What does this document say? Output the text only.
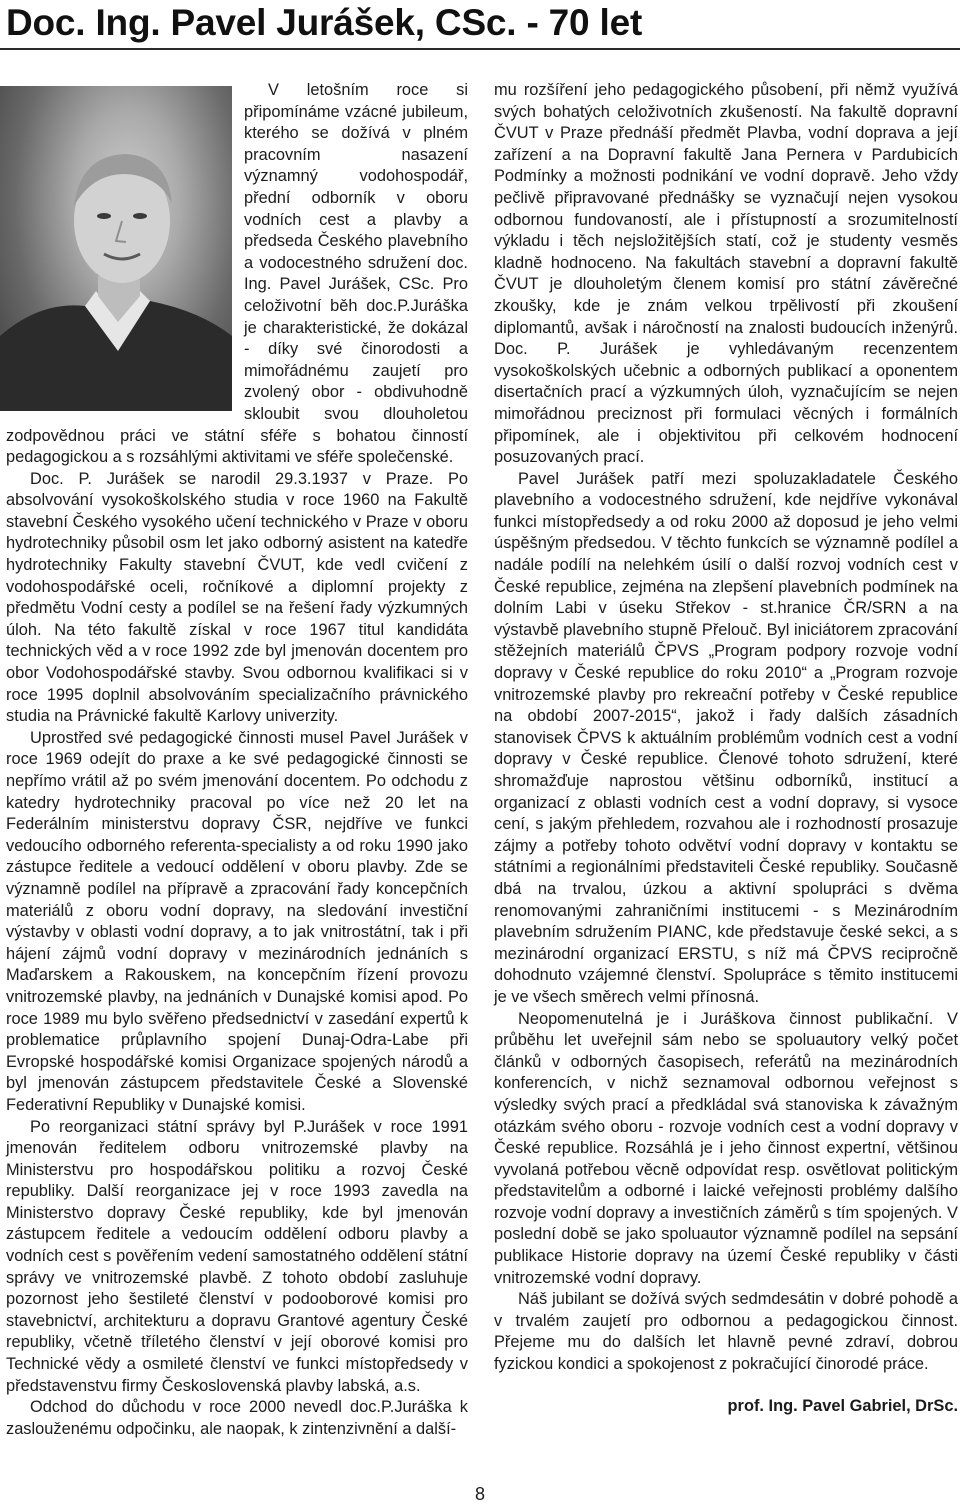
Doc. Ing. Pavel Jurášek, CSc. - 70 let

V letošním roce si připomínáme vzácné jubileum, kterého se dožívá v plném pracovním nasazení významný vodohospodář, přední odborník v oboru vodních cest a plavby a předseda Českého plavebního a vodocestného sdružení doc. Ing. Pavel Jurášek, CSc. Pro celoživotní běh doc.P.Juráška je charakteristické, že dokázal - díky své činorodosti a mimořádnému zaujetí pro zvolený obor - obdivuhodně skloubit svou dlouholetou zodpovědnou práci ve státní sféře s bohatou činností pedagogickou a s rozsáhlými aktivitami ve sféře společenské.

Doc. P. Jurášek se narodil 29.3.1937 v Praze. Po absolvování vysokoškolského studia v roce 1960 na Fakultě stavební Českého vysokého učení technického v Praze v oboru hydrotechniky působil osm let jako odborný asistent na katedře hydrotechniky Fakulty stavební ČVUT, kde vedl cvičení z vodohospodářské oceli, ročníkové a diplomní projekty z předmětu Vodní cesty a podílel se na řešení řady výzkumných úloh. Na této fakultě získal v roce 1967 titul kandidáta technických věd a v roce 1992 zde byl jmenován docentem pro obor Vodohospodářské stavby. Svou odbornou kvalifikaci si v roce 1995 doplnil absolvováním specializačního právnického studia na Právnické fakultě Karlovy univerzity.

Uprostřed své pedagogické činnosti musel Pavel Jurášek v roce 1969 odejít do praxe a ke své pedagogické činnosti se nepřímo vrátil až po svém jmenování docentem. Po odchodu z katedry hydrotechniky pracoval po více než 20 let na Federálním ministerstvu dopravy ČSR, nejdříve ve funkci vedoucího odborného referenta-specialisty a od roku 1990 jako zástupce ředitele a vedoucí oddělení v oboru plavby. Zde se významně podílel na přípravě a zpracování řady koncepčních materiálů z oboru vodní dopravy, na sledování investiční výstavby v oblasti vodní dopravy, a to jak vnitrostátní, tak i při hájení zájmů vodní dopravy v mezinárodních jednáních s Maďarskem a Rakouskem, na koncepčním řízení provozu vnitrozemské plavby, na jednáních v Dunajské komisi apod. Po roce 1989 mu bylo svěřeno předsednictví v zasedání expertů k problematice průplavního spojení Dunaj-Odra-Labe při Evropské hospodářské komisi Organizace spojených národů a byl jmenován zástupcem představitele České a Slovenské Federativní Republiky v Dunajské komisi.

Po reorganizaci státní správy byl P.Jurášek v roce 1991 jmenován ředitelem odboru vnitrozemské plavby na Ministerstvu pro hospodářskou politiku a rozvoj České republiky. Další reorganizace jej v roce 1993 zavedla na Ministerstvo dopravy České republiky, kde byl jmenován zástupcem ředitele a vedoucím oddělení odboru plavby a vodních cest s pověřením vedení samostatného oddělení státní správy ve vnitrozemské plavbě. Z tohoto období zasluhuje pozornost jeho šestileté členství v podooborové komisi pro stavebnictví, architekturu a dopravu Grantové agentury České republiky, včetně tříletého členství v její oborové komisi pro Technické vědy a osmileté členství ve funkci místopředsedy v představenstvu firmy Československá plavby labská, a.s.

Odchod do důchodu v roce 2000 nevedl doc.P.Juráška k zaslouženému odpočinku, ale naopak, k zintenzivnění a další-

mu rozšíření jeho pedagogického působení, při němž využívá svých bohatých celoživotních zkušeností. Na fakultě dopravní ČVUT v Praze přednáší předmět Plavba, vodní doprava a její zařízení a na Dopravní fakultě Jana Pernera v Pardubicích Podmínky a možnosti podnikání ve vodní dopravě. Jeho vždy pečlivě připravované přednášky se vyznačují nejen vysokou odbornou fundovaností, ale i přístupností a srozumitelností výkladu i těch nejsložitějších statí, což je studenty vesměs kladně hodnoceno. Na fakultách stavební a dopravní fakultě ČVUT je dlouholetým členem komisí pro státní závěrečné zkoušky, kde je znám velkou trpělivostí při zkoušení diplomantů, avšak i náročností na znalosti budoucích inženýrů. Doc. P. Jurášek je vyhledávaným recenzentem vysokoškolských učebnic a odborných publikací a oponentem disertačních prací a výzkumných úloh, vyznačujícím se nejen mimořádnou preciznost při formulaci věcných i formálních připomínek, ale i objektivitou při celkovém hodnocení posuzovaných prací.

Pavel Jurášek patří mezi spoluzakladatele Českého plavebního a vodocestného sdružení, kde nejdříve vykonával funkci místopředsedy a od roku 2000 až doposud je jeho velmi úspěšným předsedou. V těchto funkcích se významně podílel a nadále podílí na nelehkém úsilí o další rozvoj vodních cest v České republice, zejména na zlepšení plavebních podmínek na dolním Labi v úseku Střekov - st.hranice ČR/SRN a na výstavbě plavebního stupně Přelouč. Byl iniciátorem zpracování stěžejních materiálů ČPVS „Program podpory rozvoje vodní dopravy v České republice do roku 2010“ a „Program rozvoje vnitrozemské plavby pro rekreační potřeby v České republice na období 2007-2015“, jakož i řady dalších zásadních stanovisek ČPVS k aktuálním problémům vodních cest a vodní dopravy v České republice. Členové tohoto sdružení, které shromažďuje naprostou většinu odborníků, institucí a organizací z oblasti vodních cest a vodní dopravy, si vysoce cení, s jakým přehledem, rozvahou ale i rozhodností prosazuje zájmy a potřeby tohoto odvětví vodní dopravy v kontaktu se státními a regionálními představiteli České republiky. Současně dbá na trvalou, úzkou a aktivní spolupráci s dvěma renomovanými zahraničními institucemi - s Mezinárodním plavebním sdružením PIANC, kde představuje české sekci, a s mezinárodní organizací ERSTU, s níž má ČPVS recipročně dohodnuto vzájemné členství. Spolupráce s těmito institucemi je ve všech směrech velmi přínosná.

Neopomenutelná je i Juráškova činnost publikační. V průběhu let uveřejnil sám nebo se spoluautory velký počet článků v odborných časopisech, referátů na mezinárodních konferencích, v nichž seznamoval odbornou veřejnost s výsledky svých prací a předkládal svá stanoviska k závažným otázkám svého oboru - rozvoje vodních cest a vodní dopravy v České republice. Rozsáhlá je i jeho činnost expertní, většinou vyvolaná potřebou věcně odpovídat resp. osvětlovat politickým představitelům a odborné i laické veřejnosti problémy dalšího rozvoje vodní dopravy a investičních záměrů s tím spojených. V poslední době se jako spoluautor významně podílel na sepsání publikace Historie dopravy na území České republiky v části vnitrozemské vodní dopravy.

Náš jubilant se dožívá svých sedmdesátin v dobré pohodě a v trvalém zaujetí pro odbornou a pedagogickou činnost. Přejeme mu do dalších let hlavně pevné zdraví, dobrou fyzickou kondici a spokojenost z pokračující činorodé práce.

prof. Ing. Pavel Gabriel, DrSc.
8
